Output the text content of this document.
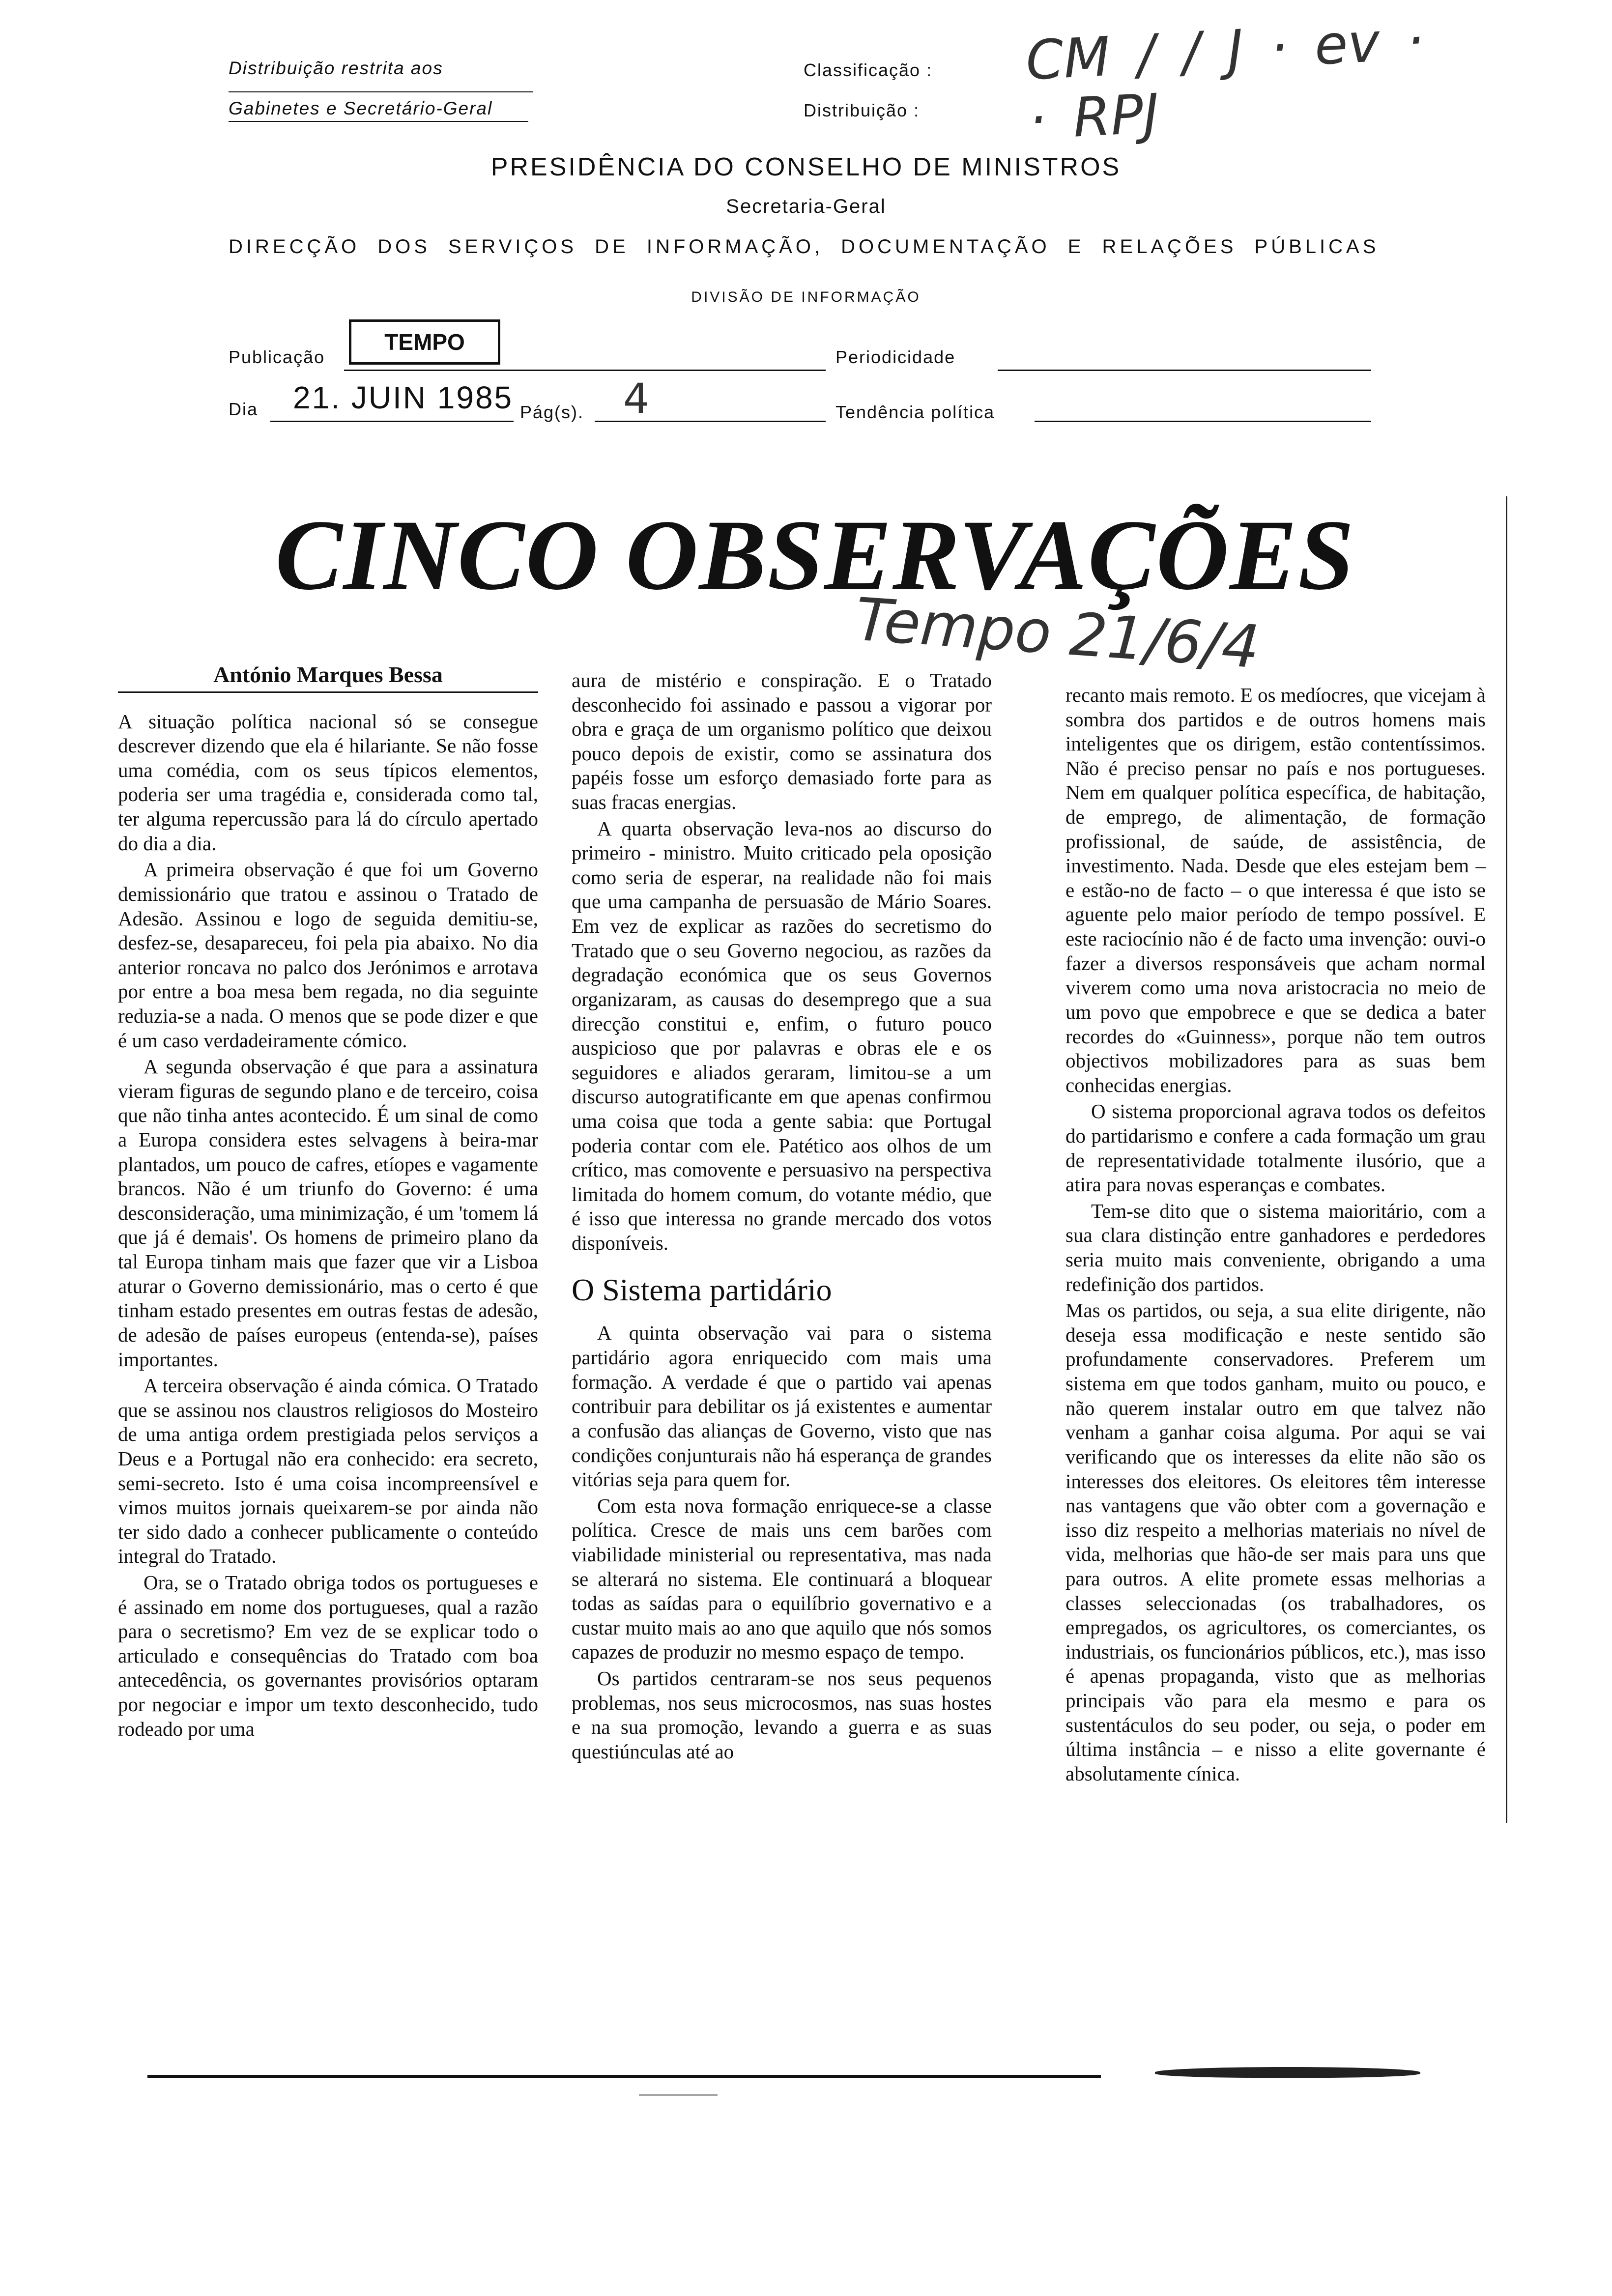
Distribuição restrita aos
Gabinetes e Secretário-Geral
Classificação :
Distribuição :
CM / / J · ev · · RPJ
PRESIDÊNCIA DO CONSELHO DE MINISTROS
Secretaria-Geral
DIRECÇÃO DOS SERVIÇOS DE INFORMAÇÃO, DOCUMENTAÇÃO E RELAÇÕES PÚBLICAS
DIVISÃO DE INFORMAÇÃO
Publicação
TEMPO
Periodicidade
Dia 21. JUIN 1985 Pág(s). 4	Tendência política
CINCO OBSERVAÇÕES
Tempo 21/6/4
António Marques Bessa

A situação política nacional só se consegue descrever dizendo que ela é hilariante. Se não fosse uma comédia, com os seus típicos elementos, poderia ser uma tragédia e, considerada como tal, ter alguma repercussão para lá do círculo apertado do dia a dia.

A primeira observação é que foi um Governo demissionário que tratou e assinou o Tratado de Adesão. Assinou e logo de seguida demitiu-se, desfez-se, desapareceu, foi pela pia abaixo. No dia anterior roncava no palco dos Jerónimos e arrotava por entre a boa mesa bem regada, no dia seguinte reduzia-se a nada. O menos que se pode dizer e que é um caso verdadeiramente cómico.

A segunda observação é que para a assinatura vieram figuras de segundo plano e de terceiro, coisa que não tinha antes acontecido. É um sinal de como a Europa considera estes selvagens à beira-mar plantados, um pouco de cafres, etíopes e vagamente brancos. Não é um triunfo do Governo: é uma desconsideração, uma minimização, é um 'tomem lá que já é demais'. Os homens de primeiro plano da tal Europa tinham mais que fazer que vir a Lisboa aturar o Governo demissionário, mas o certo é que tinham estado presentes em outras festas de adesão, de adesão de países europeus (entenda-se), países importantes.

A terceira observação é ainda cómica. O Tratado que se assinou nos claustros religiosos do Mosteiro de uma antiga ordem prestigiada pelos serviços a Deus e a Portugal não era conhecido: era secreto, semi-secreto. Isto é uma coisa incompreensível e vimos muitos jornais queixarem-se por ainda não ter sido dado a conhecer publicamente o conteúdo integral do Tratado.

Ora, se o Tratado obriga todos os portugueses e é assinado em nome dos portugueses, qual a razão para o secretismo? Em vez de se explicar todo o articulado e consequências do Tratado com boa antecedência, os governantes provisórios optaram por negociar e impor um texto desconhecido, tudo rodeado por uma

aura de mistério e conspiração. E o Tratado desconhecido foi assinado e passou a vigorar por obra e graça de um organismo político que deixou pouco depois de existir, como se assinatura dos papéis fosse um esforço demasiado forte para as suas fracas energias.

A quarta observação leva-nos ao discurso do primeiro - ministro. Muito criticado pela oposição como seria de esperar, na realidade não foi mais que uma campanha de persuasão de Mário Soares. Em vez de explicar as razões do secretismo do Tratado que o seu Governo negociou, as razões da degradação económica que os seus Governos organizaram, as causas do desemprego que a sua direcção constitui e, enfim, o futuro pouco auspicioso que por palavras e obras ele e os seguidores e aliados geraram, limitou-se a um discurso autogratificante em que apenas confirmou uma coisa que toda a gente sabia: que Portugal poderia contar com ele. Patético aos olhos de um crítico, mas comovente e persuasivo na perspectiva limitada do homem comum, do votante médio, que é isso que interessa no grande mercado dos votos disponíveis.

O Sistema partidário

A quinta observação vai para o sistema partidário agora enriquecido com mais uma formação. A verdade é que o partido vai apenas contribuir para debilitar os já existentes e aumentar a confusão das alianças de Governo, visto que nas condições conjunturais não há esperança de grandes vitórias seja para quem for.

Com esta nova formação enriquece-se a classe política. Cresce de mais uns cem barões com viabilidade ministerial ou representativa, mas nada se alterará no sistema. Ele continuará a bloquear todas as saídas para o equilíbrio governativo e a custar muito mais ao ano que aquilo que nós somos capazes de produzir no mesmo espaço de tempo.

Os partidos centraram-se nos seus pequenos problemas, nos seus microcosmos, nas suas hostes e na sua promoção, levando a guerra e as suas questiúnculas até ao

recanto mais remoto. E os medíocres, que vicejam à sombra dos partidos e de outros homens mais inteligentes que os dirigem, estão contentíssimos. Não é preciso pensar no país e nos portugueses. Nem em qualquer política específica, de habitação, de emprego, de alimentação, de formação profissional, de saúde, de assistência, de investimento. Nada. Desde que eles estejam bem – e estão-no de facto – o que interessa é que isto se aguente pelo maior período de tempo possível. E este raciocínio não é de facto uma invenção: ouvi-o fazer a diversos responsáveis que acham normal viverem como uma nova aristocracia no meio de um povo que empobrece e que se dedica a bater recordes do «Guinness», porque não tem outros objectivos mobilizadores para as suas bem conhecidas energias.

O sistema proporcional agrava todos os defeitos do partidarismo e confere a cada formação um grau de representatividade totalmente ilusório, que a atira para novas esperanças e combates.

Tem-se dito que o sistema maioritário, com a sua clara distinção entre ganhadores e perdedores seria muito mais conveniente, obrigando a uma redefinição dos partidos.

Mas os partidos, ou seja, a sua elite dirigente, não deseja essa modificação e neste sentido são profundamente conservadores. Preferem um sistema em que todos ganham, muito ou pouco, e não querem instalar outro em que talvez não venham a ganhar coisa alguma. Por aqui se vai verificando que os interesses da elite não são os interesses dos eleitores. Os eleitores têm interesse nas vantagens que vão obter com a governação e isso diz respeito a melhorias materiais no nível de vida, melhorias que hão-de ser mais para uns que para outros. A elite promete essas melhorias a classes seleccionadas (os trabalhadores, os empregados, os agricultores, os comerciantes, os industriais, os funcionários públicos, etc.), mas isso é apenas propaganda, visto que as melhorias principais vão para ela mesmo e para os sustentáculos do seu poder, ou seja, o poder em última instância – e nisso a elite governante é absolutamente cínica.
